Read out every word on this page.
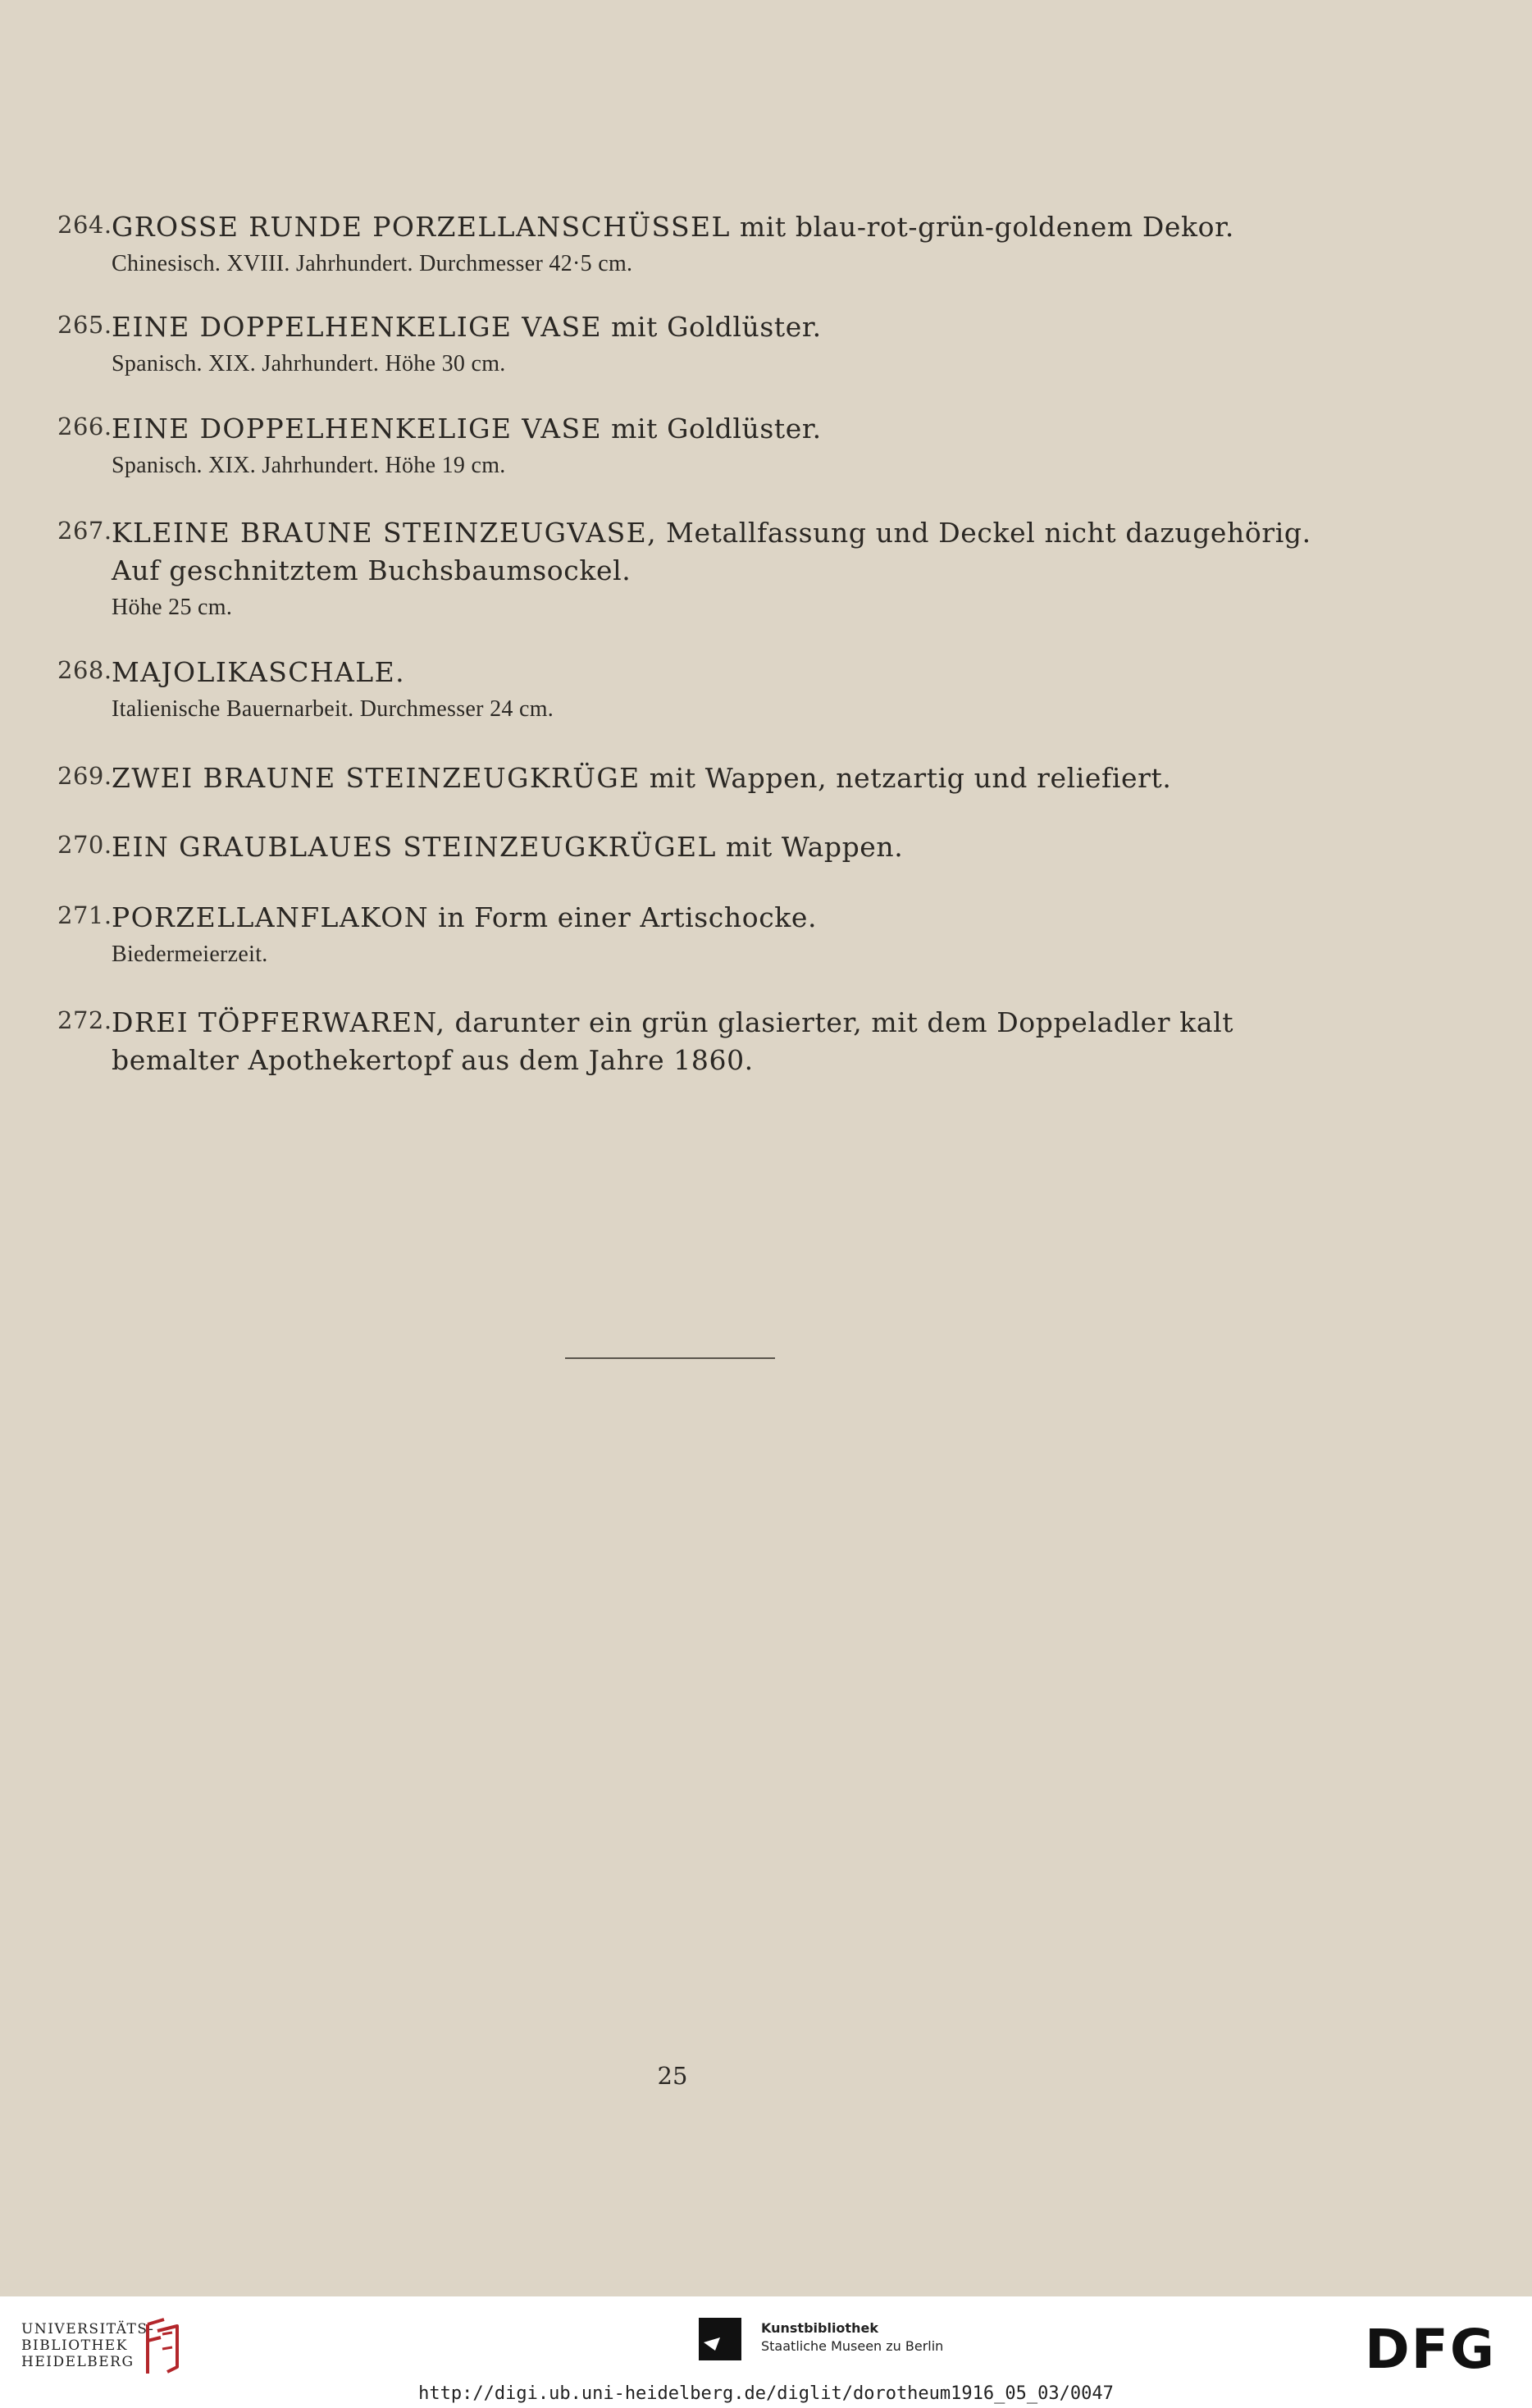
264. GROSSE RUNDE PORZELLANSCHÜSSEL mit blau-rot-grün-goldenem Dekor.
Chinesisch. XVIII. Jahrhundert. Durchmesser 42·5 cm.
265. EINE DOPPELHENKELIGE VASE mit Goldlüster.
Spanisch. XIX. Jahrhundert. Höhe 30 cm.
266. EINE DOPPELHENKELIGE VASE mit Goldlüster.
Spanisch. XIX. Jahrhundert. Höhe 19 cm.
267. KLEINE BRAUNE STEINZEUGVASE, Metallfassung und Deckel nicht dazugehörig. Auf geschnitztem Buchsbaumsockel.
Höhe 25 cm.
268. MAJOLIKASCHALE.
Italienische Bauernarbeit. Durchmesser 24 cm.
269. ZWEI BRAUNE STEINZEUGKRÜGE mit Wappen, netzartig und reliefiert.
270. EIN GRAUBLAUES STEINZEUGKRÜGEL mit Wappen.
271. PORZELLANFLAKON in Form einer Artischocke.
Biedermeierzeit.
272. DREI TÖPFERWAREN, darunter ein grün glasierter, mit dem Doppeladler kalt bemalter Apothekertopf aus dem Jahre 1860.
25
UNIVERSITÄTS-
BIBLIOTHEK
HEIDELBERG
Kunstbibliothek
Staatliche Museen zu Berlin	DFG
http://digi.ub.uni-heidelberg.de/diglit/dorotheum1916_05_03/0047
